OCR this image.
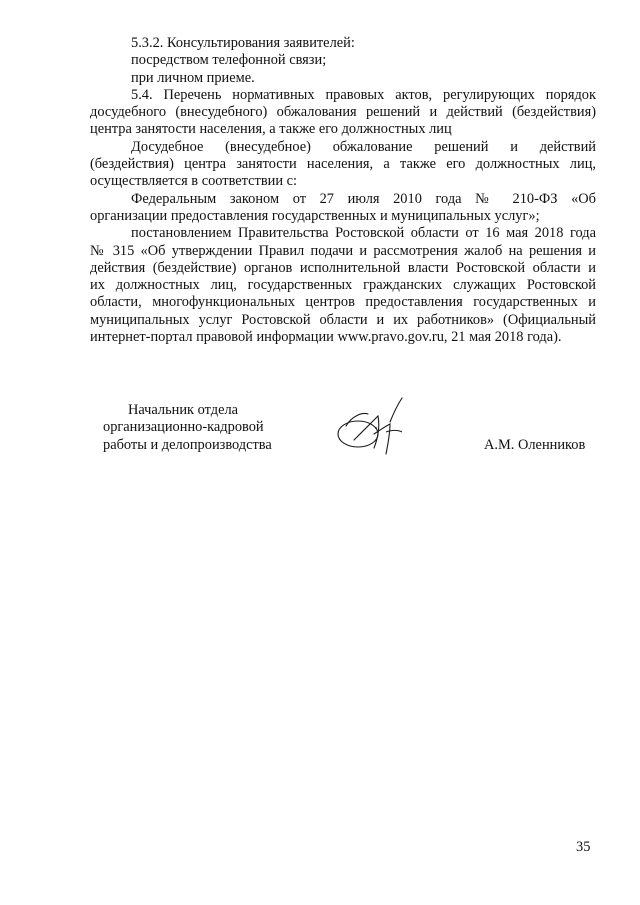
5.3.2. Консультирования заявителей:
посредством телефонной связи;
при личном приеме.
5.4. Перечень нормативных правовых актов, регулирующих порядок
досудебного (внесудебного) обжалования решений и действий (бездействия)
центра занятости населения, а также его должностных лиц
Досудебное (внесудебное) обжалование решений и действий
(бездействия) центра занятости населения, а также его должностных лиц,
осуществляется в соответствии с:
Федеральным законом от 27 июля 2010 года № 210-ФЗ «Об
организации предоставления государственных и муниципальных услуг»;
постановлением Правительства Ростовской области от 16 мая 2018 года
№ 315 «Об утверждении Правил подачи и рассмотрения жалоб на решения и
действия (бездействие) органов исполнительной власти Ростовской области и
их должностных лиц, государственных гражданских служащих Ростовской
области, многофункциональных центров предоставления государственных и
муниципальных услуг Ростовской области и их работников» (Официальный
интернет-портал правовой информации www.pravo.gov.ru, 21 мая 2018 года).
Начальник отдела
организационно-кадровой
работы и делопроизводства	А.М. Оленников
35
